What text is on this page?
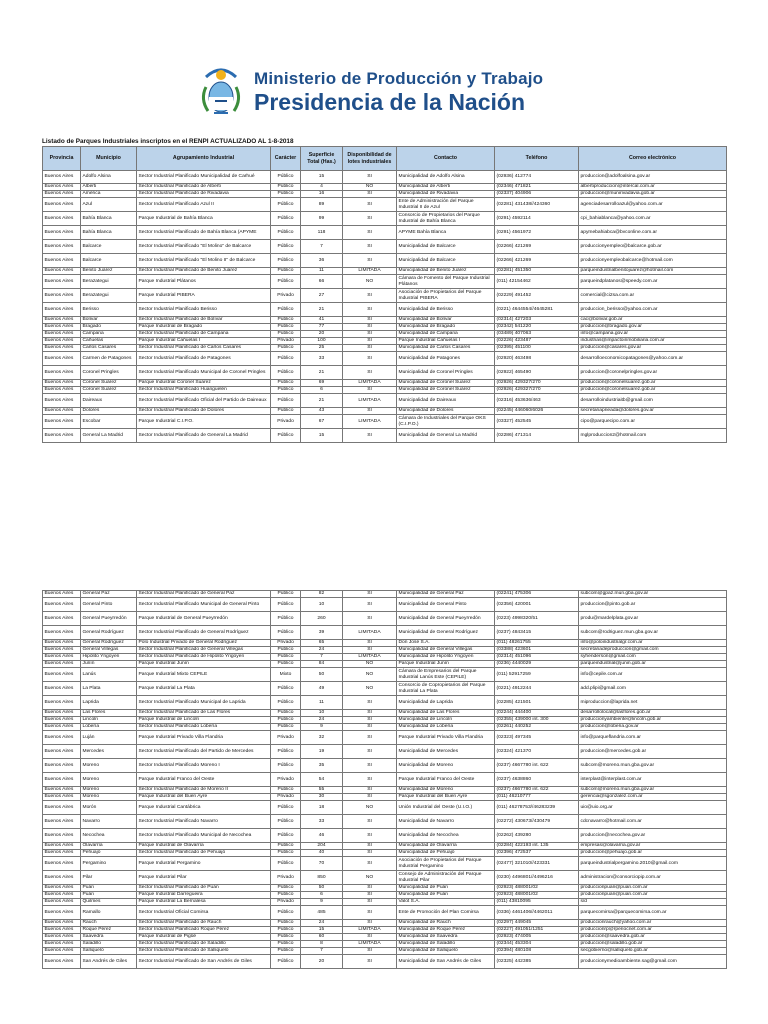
Ministerio de Producción y Trabajo
Presidencia de la Nación
Listado de Parques Industriales inscriptos en el RENPI ACTUALIZADO AL 1-8-2018
Provincia	Municipio	Agrupamiento Industrial	Carácter	Superficie Total (Has.)	Disponibilidad de lotes industriales	Contacto	Teléfono	Correo electrónico
Buenos Aires	Adolfo Alsina	Sector Industrial Planificado Municipalidad de Carhué	Público	15	SI	Municipalidad de Adolfo Alsina	(02936) 412774	produccion@adolfoalsina.gov.ar
Buenos Aires	Alberti	Sector Industrial Planificado de Alberti	Público	4	NO	Municipalidad de Alberti	(02346) 471821	albertiproduccion@intercal.com.ar
Buenos Aires	América	Sector Industrial Planificado de Rivadavia	Público	16	SI	Municipalidad de Rivadavia	(02337) 404906	produccion@munirivadavia.gob.ar
Buenos Aires	Azul	Sector Industrial Planificado Azul II	Público	89	SI	Ente de Administración del Parque Industrial II de Azul	(02281) 431438//424360	agenciadesarrolloazul@yahoo.com.ar
Buenos Aires	Bahía Blanca	Parque Industrial de Bahía Blanca	Público	99	SI	Consorcio de Propietarios del Parque Industrial de Bahía Blanca	(0291) 4592114	cpi_bahiablanca@yahoo.com.ar
Buenos Aires	Bahía Blanca	Sector Industrial Planificado de Bahía Blanca (APYME	Público	118	SI	APYME Bahía Blanca	(0291) 4561972	apymebahiabca@bvconline.com.ar
Buenos Aires	Balcarce	Sector Industrial Planificado "El Molino" de Balcarce	Público	7	SI	Municipalidad de Balcarce	(02266) 421269	produccionyempleo@balcarce.gob.ar
Buenos Aires	Balcarce	Sector Industrial Planificado "El Molino II" de Balcarce	Público	36	SI	Municipalidad de Balcarce	(02266) 421269	produccionyempleobalcarce@hotmail.com
Buenos Aires	Benito Juárez	Sector Industrial Planificado de Benito Juárez	Público	11	LIMITADA	Municipalidad de Benito Juárez	(02281) 451350	parqueindustrialbenitojuarez@hotmail.com
Buenos Aires	Berazategui	Parque Industrial Plátanos	Público	66	NO	Cámara de Fomento del Parque Industrial Plátanos	(011) 42154462	parqueindplatanos@speedy.com.ar
Buenos Aires	Berazategui	Parque Industrial PIBERA	Privado	27	SI	Asociación de Propietarios del Parque Industrial PIBERA	(02229) 491452	comercial@ci2sa.com.ar
Buenos Aires	Berisso	Sector Industrial Planificado Berisso	Público	21	SI	Municipalidad de Berisso	(0221) 4644554//4645281	produccion_berisso@yahoo.com.ar
Buenos Aires	Bolívar	Sector Industrial Planificado de Bolívar	Público	41	SI	Municipalidad de Bolívar	(02314) 427203	cac@bolivar.gob.ar
Buenos Aires	Bragado	Parque Industrial de Bragado	Público	77	SI	Municipalidad de Bragado	(02342) 541220	produccion@bragado.gov.ar
Buenos Aires	Campana	Sector Industrial Planificado de Campana	Público	20	SI	Municipalidad de Campana	(03489) 407063	info@campana.gov.ar
Buenos Aires	Cañuelas	Parque Industrial Cañuelas I	Privado	100	SI	Parque Industrial Cañuelas I	(02226) 423487	industrias@impactoinmobiliaria.com.ar
Buenos Aires	Carlos Casares	Sector Industrial Planificado de Carlos Casares	Público	25	SI	Municipalidad de Carlos Casares	(02395) 451100	produccion@casares.gov.ar
Buenos Aires	Carmen de Patagones	Sector Industrial Planificado de Patagones	Público	33	SI	Municipalidad de Patagones	(02920) 463498	desarrolloeconomicopatagones@yahoo.com.ar
Buenos Aires	Coronel Pringles	Sector Industrial Planificado Municipal de Coronel Pringles	Público	21	SI	Municipalidad de Coronel Pringles	(02922) 465490	produccion@coronelpringles.gov.ar
Buenos Aires	Coronel Suárez	Parque Industrial Coronel Suárez	Público	69	LIMITADA	Municipalidad de Coronel Suárez	(02926) 429327/270	produccion@coronelsuarez.gob.ar
Buenos Aires	Coronel Suárez	Sector Industrial Planificado Huanguelén	Público	6	SI	Municipalidad de Coronel Suárez	(02926) 429327/270	produccion@coronelsuarez.gob.ar
Buenos Aires	Daireaux	Sector Industrial Planificado Oficial del Partido de Daireaux	Público	21	LIMITADA	Municipalidad de Daireaux	(02316) 453636/463	desarrolloindustriaitb@gmail.com
Buenos Aires	Dolores	Sector Industrial Planificado de Dolores	Público	43	SI	Municipalidad de Dolores	(02245) 446060/6026	secretariaprieada@dolores.gov.ar
Buenos Aires	Escobar	Parque Industrial C.I.P.O.	Privado	67	LIMITADA	Cámara de Industriales del Parque OKS (C.I.P.O.)	(03327) 452545	cipo@parquecipo.com.ar
Buenos Aires	General La Madrid	Sector Industrial Planificado de General La Madrid	Público	15	SI	Municipalidad de General La Madrid	(02286) 471314	mglproduccion2@hotmail.com
Buenos Aires	General Paz	Sector Industrial Planificado de General Paz	Público	82	SI	Municipalidad de General Paz	(02241) 475306	subcom@gpaz.mun.gba.gov.ar
Buenos Aires	General Pinto	Sector Industrial Planificado Municipal de General Pinto	Público	10	SI	Municipalidad de General Pinto	(02356) 420001	produccion@pinto.gob.ar
Buenos Aires	General Pueyrredón	Parque Industrial de General Pueyrredón	Público	260	SI	Municipalidad de General Pueyrredón	(0223) 4998320/51	produ@mardelplata.gov.ar
Buenos Aires	General Rodríguez	Sector Industrial Planificado de General Rodríguez	Público	39	LIMITADA	Municipalidad de General Rodríguez	(0237) 4843415	subcom@rodriguez.mun.gba.gov.ar
Buenos Aires	General Rodríguez	Polo Industrial Privado de General Rodríguez	Privado	65	SI	Don José S.A.	(011) 48261755	info@poloindustrialgr.com.ar
Buenos Aires	General Villegas	Sector Industrial Planificado de General Villegas	Público	24	SI	Municipalidad de General Villegas	(03388) 423601	secretariadeproduccion@gmail.com
Buenos Aires	Hipólito Yrigoyen	Sector Industrial Planificado de Hipólito Yrigoyen	Público	7	LIMITADA	Municipalidad de Hipólito Yrigoyen	(02314) 451096	syhenderson@gmail.com
Buenos Aires	Junín	Parque Industrial Junín	Público	84	NO	Parque Industrial Junín	(0236) 4440029	parqueindustrial@junin.gob.ar
Buenos Aires	Lanús	Parque Industrial Mixto CEPILE	Mixto	50	NO	Cámara de Empresarios del Parque Industrial Lanús Este (CEPILE)	(011) 52917259	info@cepile.com.ar
Buenos Aires	La Plata	Parque Industrial La Plata	Público	49	NO	Consorcio de Copropietarios del Parque Industrial La Plata	(0221) 4912244	add.plipi@gmail.com
Buenos Aires	Laprida	Sector Industrial Planificado Municipal de Laprida	Público	11	SI	Municipalidad de Laprida	(02285) 421501	miproduccion@laprida.net
Buenos Aires	Las Flores	Sector Industrial Planificado de Las Flores	Público	10	SI	Municipalidad de Las Flores	(02244) 444400	desarrollolocal@lasflores.gob.ar
Buenos Aires	Lincoln	Parque Industrial de Lincoln	Público	24	SI	Municipalidad de Lincoln	(02355) 439000 int. 300	produccionyambiente@lincoln.gob.ar
Buenos Aires	Lobería	Sector Industrial Planificado Lobería	Público	9	SI	Municipalidad de Lobería	(02261) 440252	produccion@loberia.gov.ar
Buenos Aires	Luján	Parque Industrial Privado Villa Flandria	Privado	32	SI	Parque Industrial Privado Villa Flandria	(02323) 497345	info@parqueflandria.com.ar
Buenos Aires	Mercedes	Sector Industrial Planificado del Partido de Mercedes	Público	19	SI	Municipalidad de Mercedes	(02324) 421370	produccion@mercedes.gob.ar
Buenos Aires	Moreno	Sector Industrial Planificado Moreno I	Público	35	SI	Municipalidad de Moreno	(0237) 4667780 int. 622	subcom@moreno.mun.gba.gov.ar
Buenos Aires	Moreno	Parque Industrial Franco del Oeste	Privado	54	SI	Parque Industrial Franco del Oeste	(0237) 4638860	interplast@interplast.com.ar
Buenos Aires	Moreno	Sector Industrial Planificado de Moreno II	Público	55	SI	Municipalidad de Moreno	(0237) 4667780 int. 622	subcom@moreno.mun.gba.gov.ar
Buenos Aires	Moreno	Parque Industrial del Buen Ayre	Privado	30	SI	Parque Industrial del Buen Ayre	(011) 46210777	gerencia@sgonzalez.com.ar
Buenos Aires	Morón	Parque Industrial Cantábrica	Público	18	NO	Unión Industrial del Oeste (U.I.O.)	(011) 46278753//46283239	uio@uio.org.ar
Buenos Aires	Navarro	Sector Industrial Planificado Navarro	Público	33	SI	Municipalidad de Navarro	(02272) 430673//430479	cdcnavarro@hotmail.com.ar
Buenos Aires	Necochea	Sector Industrial Planificado Municipal de Necochea	Público	46	SI	Municipalidad de Necochea	(02262) 439280	produccion@necochea.gov.ar
Buenos Aires	Olavarría	Parque Industrial de Olavarría	Público	204	SI	Municipalidad de Olavarría	(02284) 422193 int. 135	empresas@olavarria.gov.ar
Buenos Aires	Pehuajó	Sector Industrial Planificado de Pehuajó	Público	40	SI	Municipalidad de Pehuajó	(02396) 472537	produccion@pehuajo.gob.ar
Buenos Aires	Pergamino	Parque Industrial Pergamino	Público	70	SI	Asociación de Propietarios del Parque Industrial Pergamino	(02477) 321010//423331	parqueindustrialpergamino.2010@gmail.com
Buenos Aires	Pilar	Parque Industrial Pilar	Privado	850	NO	Consejo de Administración del Parque Industrial Pilar	(0230) 4496801//4496216	administracion@consorciopip.com.ar
Buenos Aires	Puán	Sector Industrial Planificado de Puán	Público	50	SI	Municipalidad de Puán	(02923) 488001/02	produccionpuan@puan.com.ar
Buenos Aires	Puán	Parque Industrial Darregueira	Público	6	SI	Municipalidad de Puán	(02923) 488001/02	produccionpuan@puan.com.ar
Buenos Aires	Quilmes	Parque Industrial La Bernalesa	Privado	9	SI	Valot S.A.	(011) 43810095	s/d
Buenos Aires	Ramallo	Sector Industrial Oficial Comirsa	Público	485	SI	Ente de Promoción del Plan Comirsa	(0336) 4461406//4462011	parquecomirsa@parquecomirsa.com.ar
Buenos Aires	Rauch	Sector Industrial Planificado de Rauch	Público	24	SI	Municipalidad de Rauch	(02297) 449045	produccionrauch@yahoo.com.ar
Buenos Aires	Roque Pérez	Sector Industrial Planificado Roque Pérez	Público	15	LIMITADA	Municipalidad de Roque Pérez	(02227) 491051/1251	produccionrp@rperiocnet.com.ar
Buenos Aires	Saavedra	Parque Industrial de Pigüé	Público	60	SI	Municipalidad de Saavedra	(02923) 474005	produccion@saavedra.gob.ar
Buenos Aires	Saladillo	Sector Industrial Planificado de Saladillo	Público	8	LIMITADA	Municipalidad de Saladillo	(02344) 453304	produccion@saladillo.gob.ar
Buenos Aires	Salliqueló	Sector Industrial Planificado de Salliqueló	Público	7	SI	Municipalidad de Salliqueló	(02394) 480108	secgobierno@salliquelo.gob.ar
Buenos Aires	San Andrés de Giles	Sector Industrial Planificado de San Andrés de Giles	Público	20	SI	Municipalidad de San Andrés de Giles	(02325) 442385	produccionymedioambiente.sag@gmail.com
